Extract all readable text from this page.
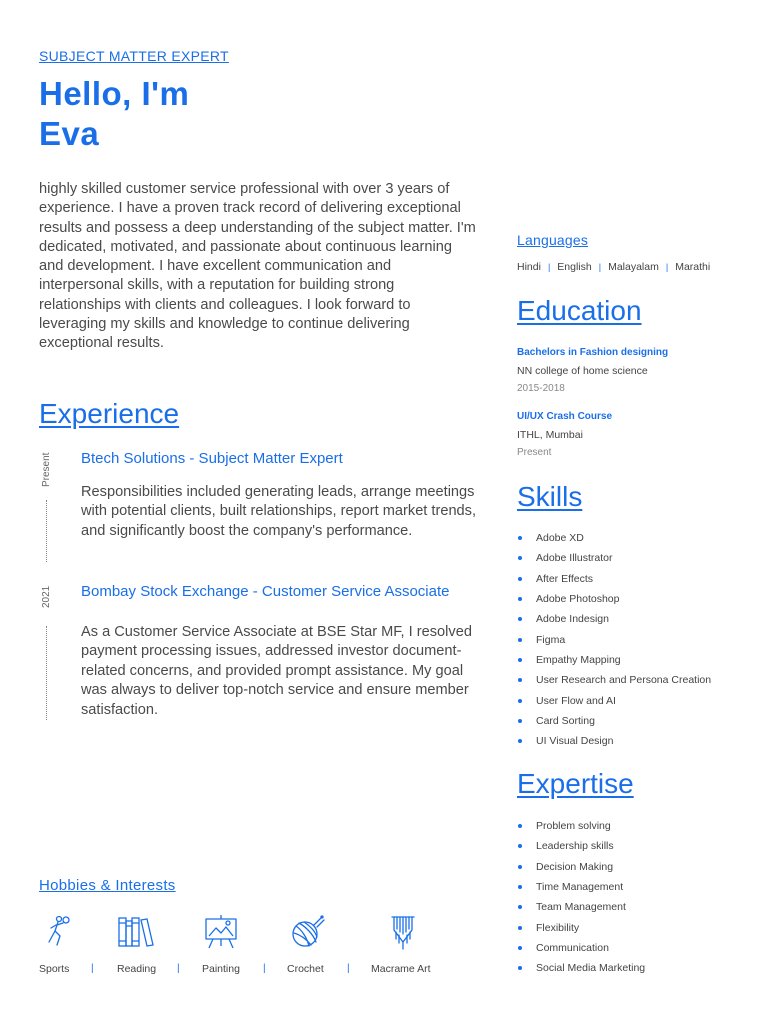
SUBJECT MATTER EXPERT
Hello, I'm
Eva

highly skilled customer service professional with over 3 years of experience. I have a proven track record of delivering exceptional results and possess a deep understanding of the subject matter. I'm dedicated, motivated, and passionate about continuous learning and development. I have excellent communication and interpersonal skills, with a reputation for building strong relationships with clients and colleagues. I look forward to leveraging my skills and knowledge to continue delivering exceptional results.

Experience
Present
2021
Btech Solutions - Subject Matter Expert
Responsibilities included generating leads, arrange meetings with potential clients, built relationships, report market trends, and significantly boost the company's performance.
Bombay Stock Exchange - Customer Service Associate
As a Customer Service Associate at BSE Star MF, I resolved payment processing issues, addressed investor document-related concerns, and provided prompt assistance. My goal was always to deliver top-notch service and ensure member satisfaction.
Hobbies & Interests
Sports | Reading | Painting | Crochet | Macrame Art
Languages
Hindi | English | Malayalam | Marathi
Education
Bachelors in Fashion designing
NN college of home science
2015-2018
UI/UX Crash Course
ITHL, Mumbai
Present
Skills
Adobe XD
Adobe Illustrator
After Effects
Adobe Photoshop
Adobe Indesign
Figma
Empathy Mapping
User Research and Persona Creation
User Flow and AI
Card Sorting
UI Visual Design
Expertise
Problem solving
Leadership skills
Decision Making
Time Management
Team Management
Flexibility
Communication
Social Media Marketing
